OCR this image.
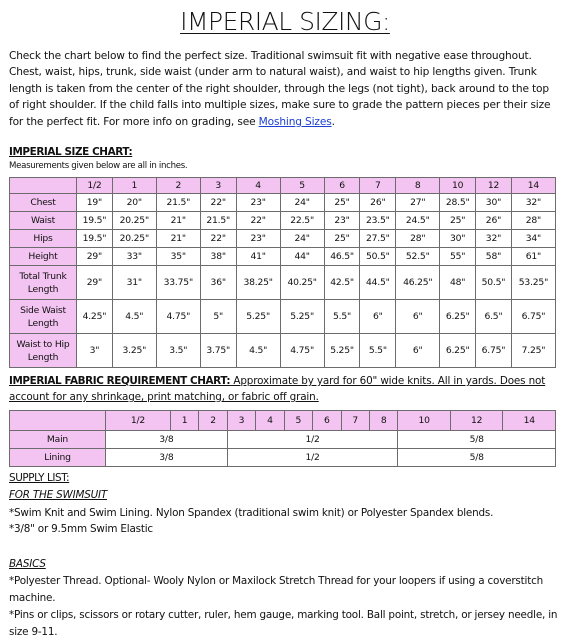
IMPERIAL SIZING:
Check the chart below to find the perfect size. Traditional swimsuit fit with negative ease throughout. Chest, waist, hips, trunk, side waist (under arm to natural waist), and waist to hip lengths given. Trunk length is taken from the center of the right shoulder, through the legs (not tight), back around to the top of right shoulder. If the child falls into multiple sizes, make sure to grade the pattern pieces per their size for the perfect fit. For more info on grading, see Moshing Sizes.
IMPERIAL SIZE CHART:
Measurements given below are all in inches.
	1/2	1	2	3	4	5	6	7	8	10	12	14
Chest	19"	20"	21.5"	22"	23"	24"	25"	26"	27"	28.5"	30"	32"
Waist	19.5"	20.25"	21"	21.5"	22"	22.5"	23"	23.5"	24.5"	25"	26"	28"
Hips	19.5"	20.25"	21"	22"	23"	24"	25"	27.5"	28"	30"	32"	34"
Height	29"	33"	35"	38"	41"	44"	46.5"	50.5"	52.5"	55"	58"	61"
Total Trunk Length	29"	31"	33.75"	36"	38.25"	40.25"	42.5"	44.5"	46.25"	48"	50.5"	53.25"
Side Waist Length	4.25"	4.5"	4.75"	5"	5.25"	5.25"	5.5"	6"	6"	6.25"	6.5"	6.75"
Waist to Hip Length	3"	3.25"	3.5"	3.75"	4.5"	4.75"	5.25"	5.5"	6"	6.25"	6.75"	7.25"
IMPERIAL FABRIC REQUIREMENT CHART: Approximate by yard for 60" wide knits. All in yards. Does not account for any shrinkage, print matching, or fabric off grain.
	1/2	1	2	3	4	5	6	7	8	10	12	14
Main	3/8			1/2						5/8		
Lining	3/8			1/2						5/8		
SUPPLY LIST:
FOR THE SWIMSUIT
*Swim Knit and Swim Lining. Nylon Spandex (traditional swim knit) or Polyester Spandex blends.
*3/8" or 9.5mm Swim Elastic
BASICS
*Polyester Thread. Optional- Wooly Nylon or Maxilock Stretch Thread for your loopers if using a coverstitch machine.
*Pins or clips, scissors or rotary cutter, ruler, hem gauge, marking tool. Ball point, stretch, or jersey needle, in size 9-11.
